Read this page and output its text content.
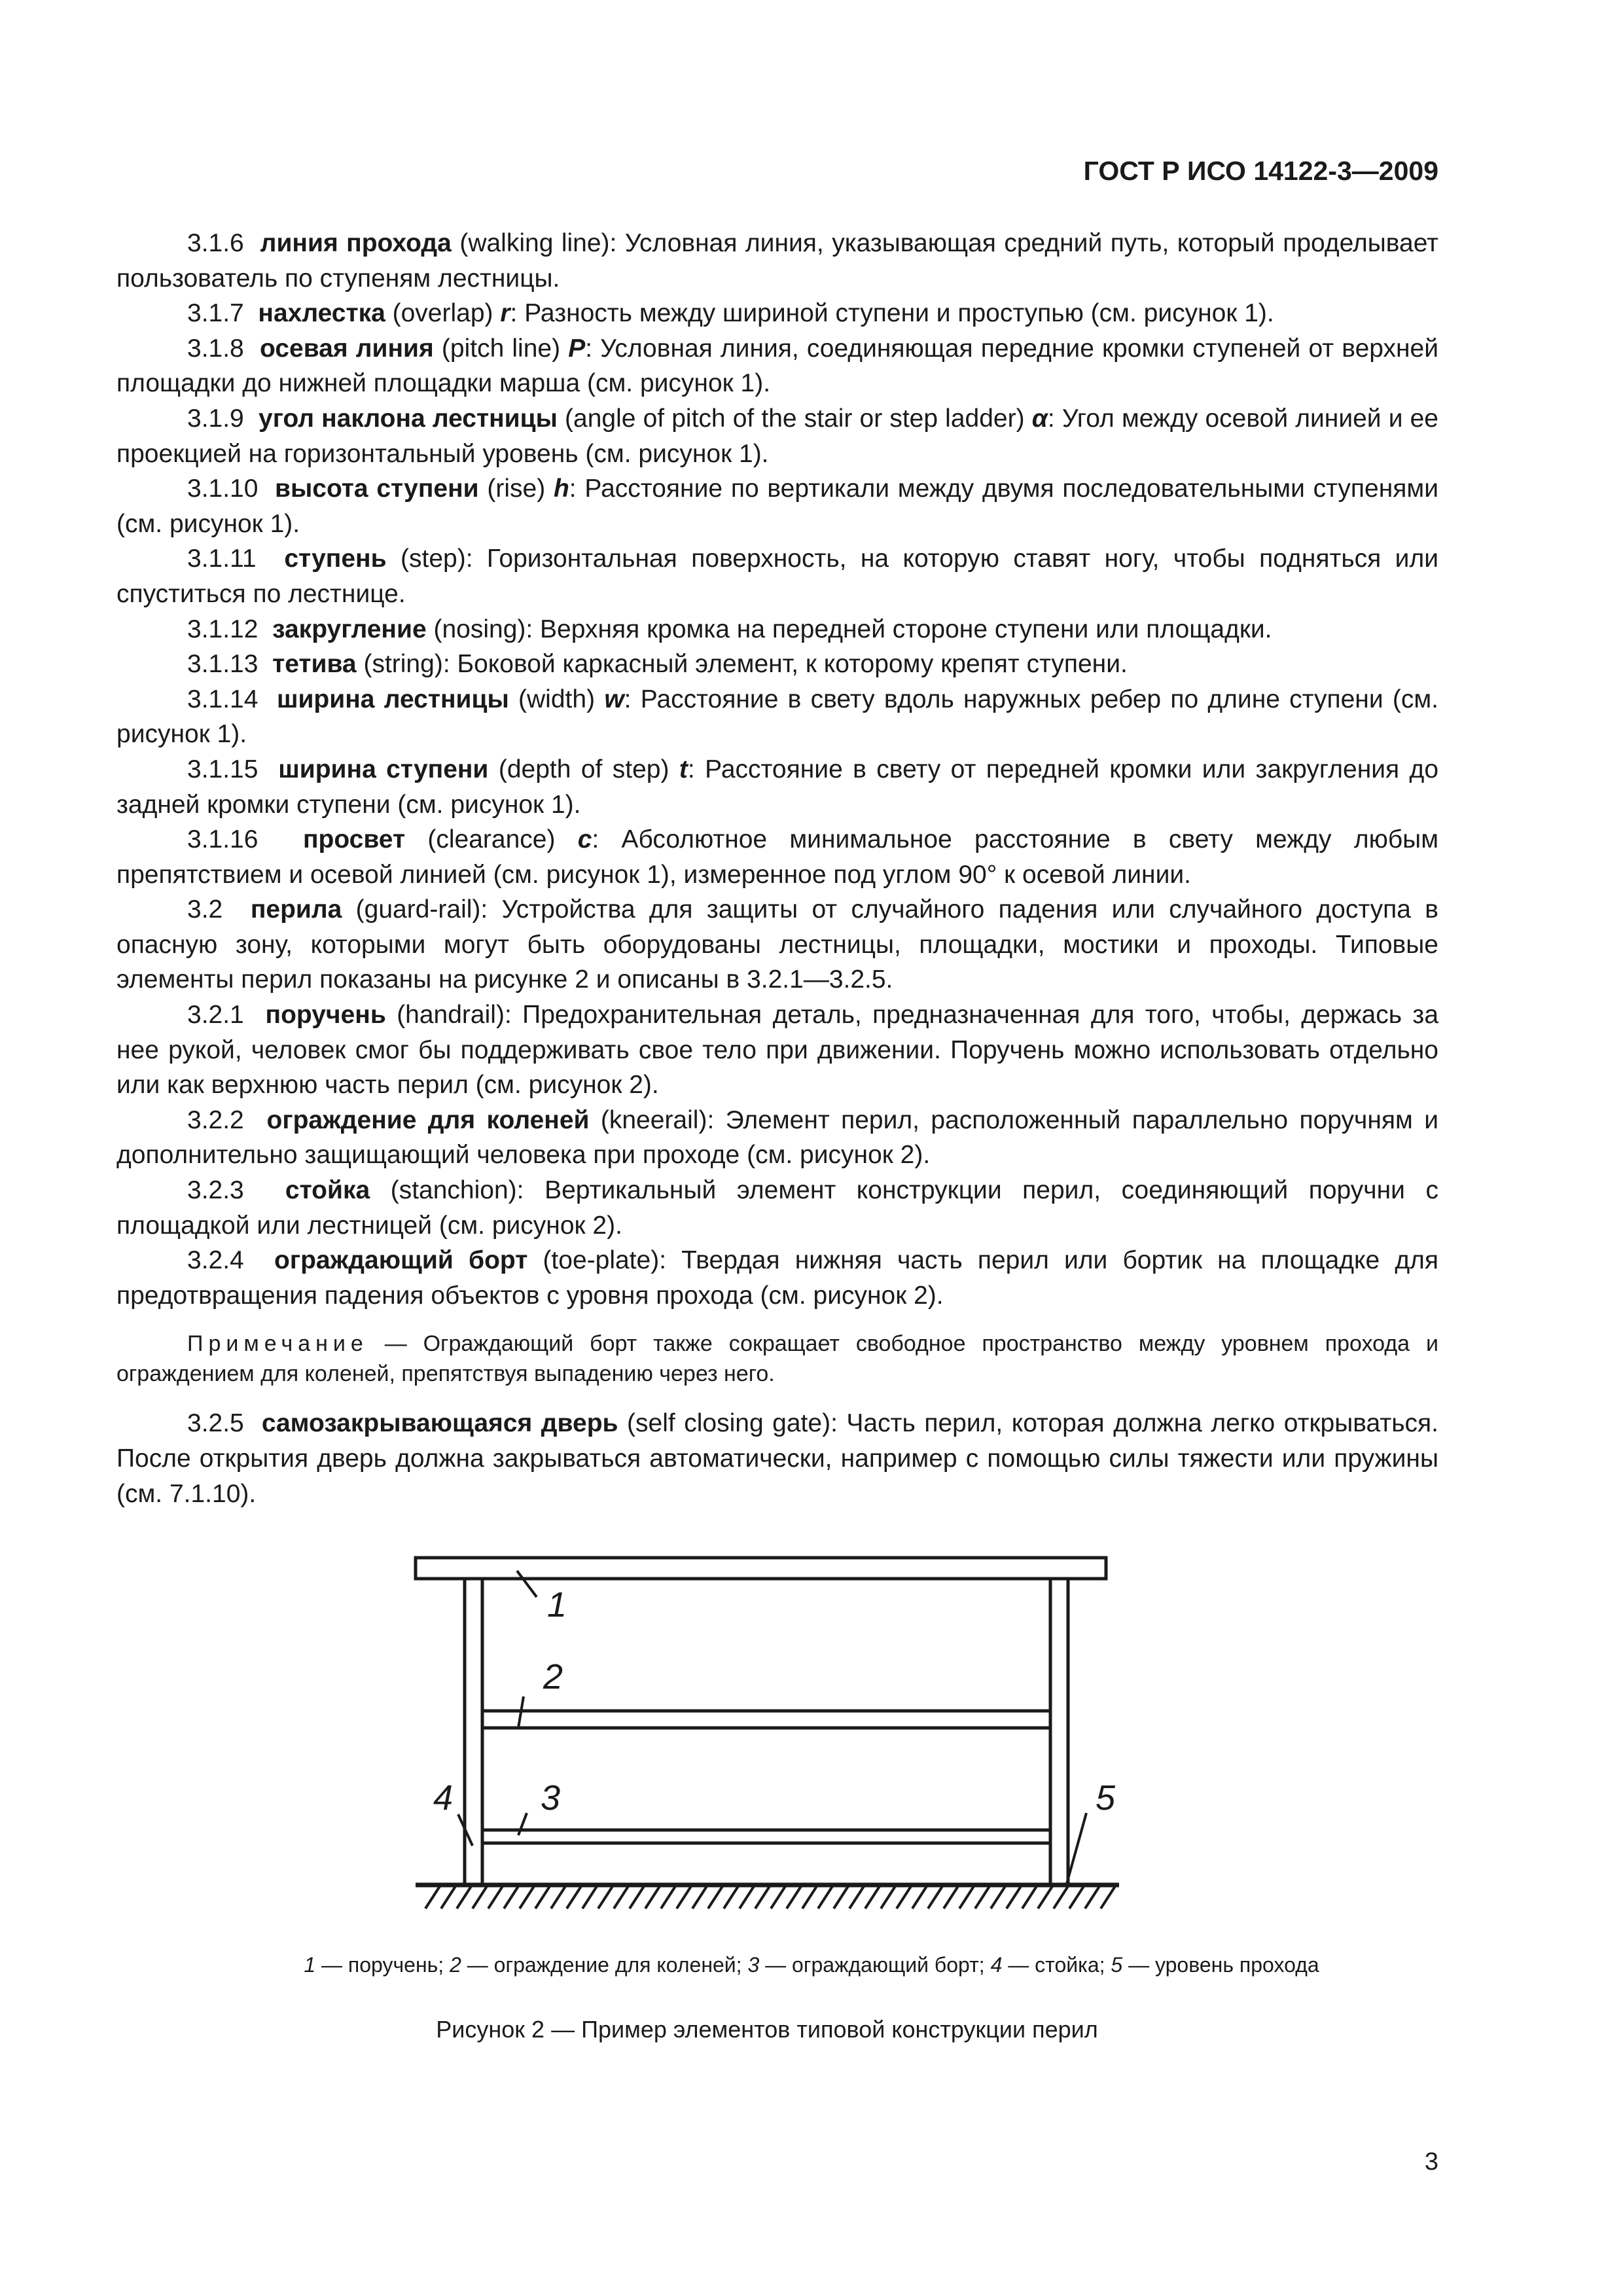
ГОСТ Р ИСО 14122-3—2009

3.1.6 линия прохода (walking line): Условная линия, указывающая средний путь, который проделывает пользователь по ступеням лестницы.

3.1.7 нахлестка (overlap) r: Разность между шириной ступени и проступью (см. рисунок 1).

3.1.8 осевая линия (pitch line) P: Условная линия, соединяющая передние кромки ступеней от верхней площадки до нижней площадки марша (см. рисунок 1).

3.1.9 угол наклона лестницы (angle of pitch of the stair or step ladder) α: Угол между осевой линией и ее проекцией на горизонтальный уровень (см. рисунок 1).

3.1.10 высота ступени (rise) h: Расстояние по вертикали между двумя последовательными ступенями (см. рисунок 1).

3.1.11 ступень (step): Горизонтальная поверхность, на которую ставят ногу, чтобы подняться или спуститься по лестнице.

3.1.12 закругление (nosing): Верхняя кромка на передней стороне ступени или площадки.

3.1.13 тетива (string): Боковой каркасный элемент, к которому крепят ступени.

3.1.14 ширина лестницы (width) w: Расстояние в свету вдоль наружных ребер по длине ступени (см. рисунок 1).

3.1.15 ширина ступени (depth of step) t: Расстояние в свету от передней кромки или закругления до задней кромки ступени (см. рисунок 1).

3.1.16 просвет (clearance) c: Абсолютное минимальное расстояние в свету между любым препятствием и осевой линией (см. рисунок 1), измеренное под углом 90° к осевой линии.

3.2 перила (guard-rail): Устройства для защиты от случайного падения или случайного доступа в опасную зону, которыми могут быть оборудованы лестницы, площадки, мостики и проходы. Типовые элементы перил показаны на рисунке 2 и описаны в 3.2.1—3.2.5.

3.2.1 поручень (handrail): Предохранительная деталь, предназначенная для того, чтобы, держась за нее рукой, человек смог бы поддерживать свое тело при движении. Поручень можно использовать отдельно или как верхнюю часть перил (см. рисунок 2).

3.2.2 ограждение для коленей (kneerail): Элемент перил, расположенный параллельно поручням и дополнительно защищающий человека при проходе (см. рисунок 2).

3.2.3 стойка (stanchion): Вертикальный элемент конструкции перил, соединяющий поручни с площадкой или лестницей (см. рисунок 2).

3.2.4 ограждающий борт (toe-plate): Твердая нижняя часть перил или бортик на площадке для предотвращения падения объектов с уровня прохода (см. рисунок 2).

Примечание — Ограждающий борт также сокращает свободное пространство между уровнем прохода и ограждением для коленей, препятствуя выпадению через него.

3.2.5 самозакрывающаяся дверь (self closing gate): Часть перил, которая должна легко открываться. После открытия дверь должна закрываться автоматически, например с помощью силы тяжести или пружины (см. 7.1.10).

1
2
4 3	5
1 — поручень; 2 — ограждение для коленей; 3 — ограждающий борт; 4 — стойка; 5 — уровень прохода
Рисунок 2 — Пример элементов типовой конструкции перил
3
